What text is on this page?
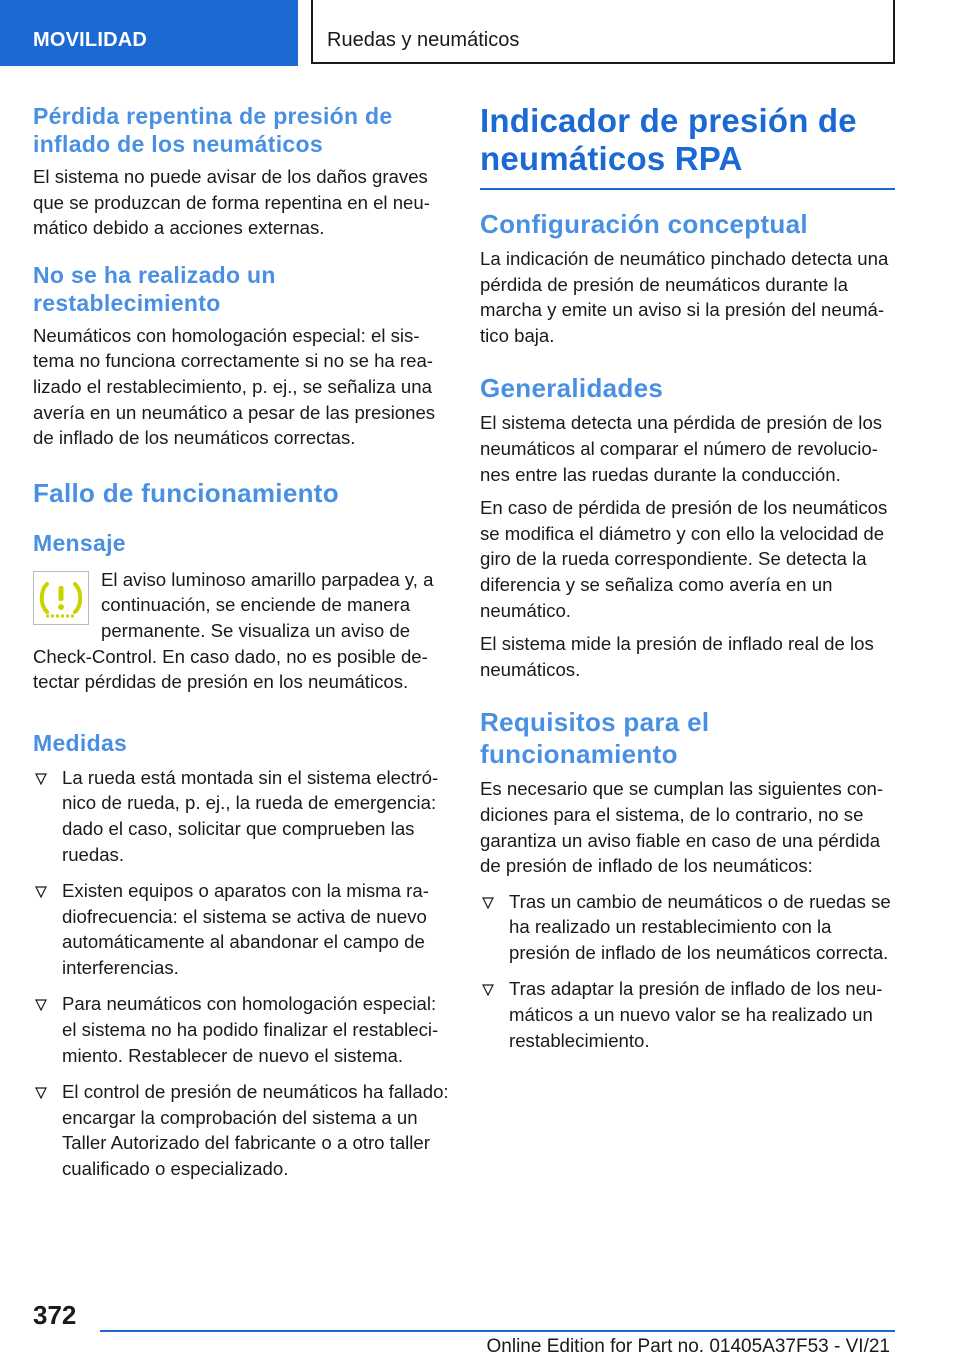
MOVILIDAD	Ruedas y neumáticos
Pérdida repentina de presión de inflado de los neumáticos

El sistema no puede avisar de los daños graves que se produzcan de forma repentina en el neumático debido a acciones externas.

No se ha realizado un restablecimiento

Neumáticos con homologación especial: el sistema no funciona correctamente si no se ha realizado el restablecimiento, p. ej., se señaliza una avería en un neumático a pesar de las presiones de inflado de los neumáticos correctas.

Fallo de funcionamiento
Mensaje

El aviso luminoso amarillo parpadea y, a continuación, se enciende de manera permanente. Se visualiza un aviso de Check-Control. En caso dado, no es posible detectar pérdidas de presión en los neumáticos.

Medidas
La rueda está montada sin el sistema electrónico de rueda, p. ej., la rueda de emergencia: dado el caso, solicitar que comprueben las ruedas.
Existen equipos o aparatos con la misma radiofrecuencia: el sistema se activa de nuevo automáticamente al abandonar el campo de interferencias.
Para neumáticos con homologación especial: el sistema no ha podido finalizar el restablecimiento. Restablecer de nuevo el sistema.
El control de presión de neumáticos ha fallado: encargar la comprobación del sistema a un Taller Autorizado del fabricante o a otro taller cualificado o especializado.
Indicador de presión de neumáticos RPA
Configuración conceptual

La indicación de neumático pinchado detecta una pérdida de presión de neumáticos durante la marcha y emite un aviso si la presión del neumático baja.

Generalidades

El sistema detecta una pérdida de presión de los neumáticos al comparar el número de revoluciones entre las ruedas durante la conducción.

En caso de pérdida de presión de los neumáticos se modifica el diámetro y con ello la velocidad de giro de la rueda correspondiente. Se detecta la diferencia y se señaliza como avería en un neumático.

El sistema mide la presión de inflado real de los neumáticos.

Requisitos para el funcionamiento

Es necesario que se cumplan las siguientes condiciones para el sistema, de lo contrario, no se garantiza un aviso fiable en caso de una pérdida de presión de inflado de los neumáticos:

Tras un cambio de neumáticos o de ruedas se ha realizado un restablecimiento con la presión de inflado de los neumáticos correcta.
Tras adaptar la presión de inflado de los neumáticos a un nuevo valor se ha realizado un restablecimiento.
372
Online Edition for Part no. 01405A37F53 - VI/21
